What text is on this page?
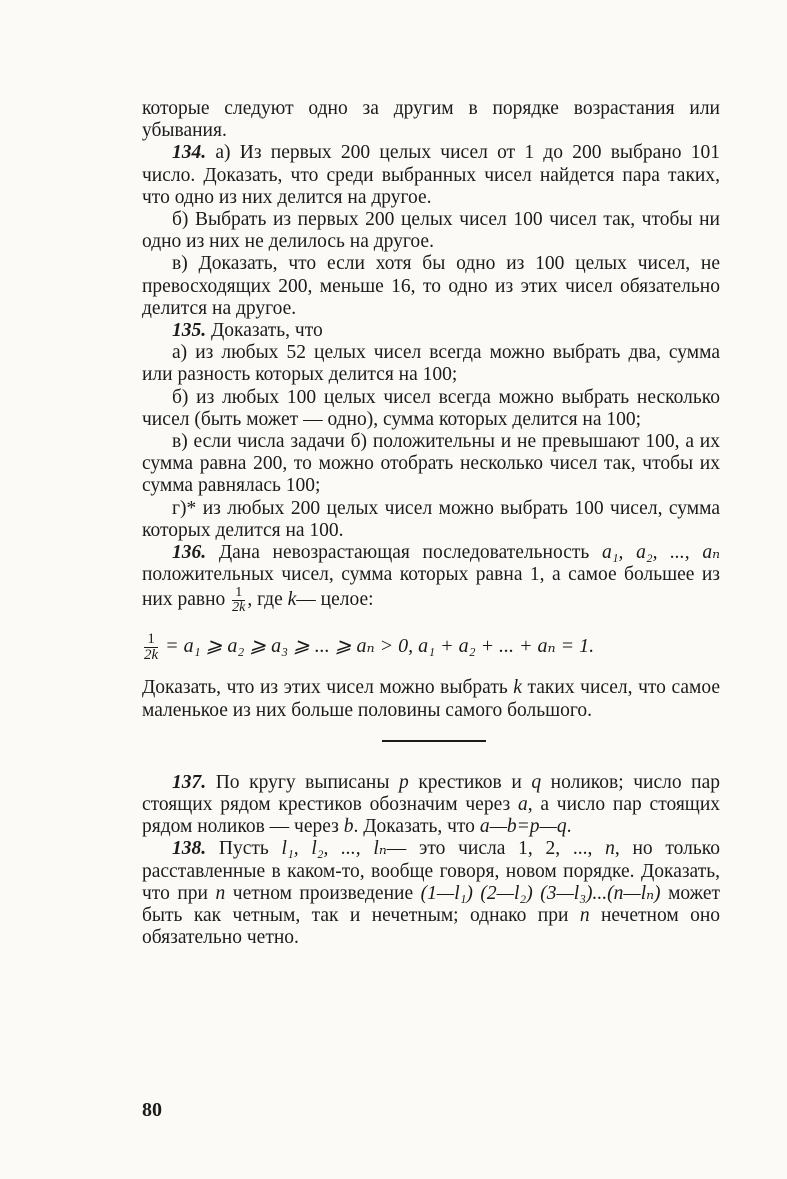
которые следуют одно за другим в порядке возрастания или убывания.

134. а) Из первых 200 целых чисел от 1 до 200 выбрано 101 число. Доказать, что среди выбранных чисел найдется пара таких, что одно из них делится на другое.

б) Выбрать из первых 200 целых чисел 100 чисел так, чтобы ни одно из них не делилось на другое.

в) Доказать, что если хотя бы одно из 100 целых чисел, не превосходящих 200, меньше 16, то одно из этих чисел обязательно делится на другое.

135. Доказать, что

а) из любых 52 целых чисел всегда можно выбрать два, сумма или разность которых делится на 100;

б) из любых 100 целых чисел всегда можно выбрать несколько чисел (быть может — одно), сумма которых делится на 100;

в) если числа задачи б) положительны и не превышают 100, а их сумма равна 200, то можно отобрать несколько чисел так, чтобы их сумма равнялась 100;

г)* из любых 200 целых чисел можно выбрать 100 чисел, сумма которых делится на 100.

136. Дана невозрастающая последовательность a₁, a₂, ..., aₙ положительных чисел, сумма которых равна 1, а самое большее из них равно $\frac{1}{2k}$ , где k— целое:

$\frac{1}{2k} = a_1$ ⩾ a₂ ⩾ a₃ ⩾ ... ⩾ aₙ > 0, a₁ + a₂ + ... + aₙ = 1.

Доказать, что из этих чисел можно выбрать k таких чисел, что самое маленькое из них больше половины самого большого.

137. По кругу выписаны p крестиков и q ноликов; число пар стоящих рядом крестиков обозначим через a, а число пар стоящих рядом ноликов — через b. Доказать, что a—b=p—q.

138. Пусть l₁, l₂, ..., lₙ— это числа 1, 2, ..., n, но только расставленные в каком-то, вообще говоря, новом порядке. Доказать, что при n четном произведение (1—l₁) (2—l₂) (3—l₃)...(n—lₙ) может быть как четным, так и нечетным; однако при n нечетном оно обязательно четно.

80
